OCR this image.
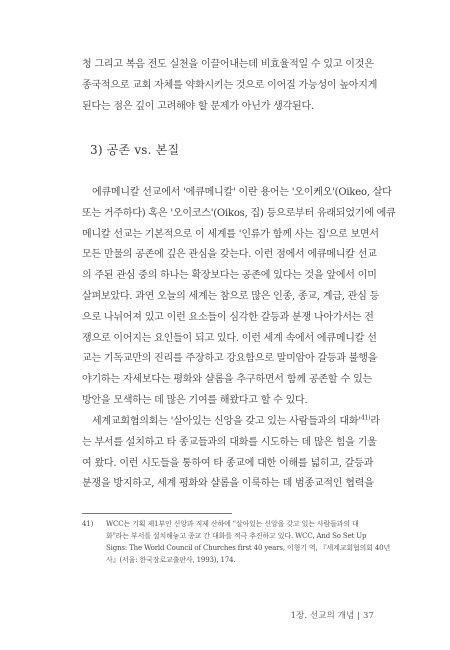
청 그리고 복음 전도 실천을 이끌어내는데 비효율적일 수 있고 이것은
종국적으로 교회 자체를 약화시키는 것으로 이어질 가능성이 높아지게
된다는 점은 깊이 고려해야 할 문제가 아닌가 생각된다.
3) 공존 vs. 본질
에큐메니칼 선교에서 '에큐메니칼' 이란 용어는 '오이케오'(Oikeo, 살다
또는 거주하다) 혹은 '오이코스'(Oikos, 집) 등으로부터 유래되었기에 에큐
메니칼 선교는 기본적으로 이 세계를 '인류가 함께 사는 집'으로 보면서
모든 만물의 공존에 깊은 관심을 갖는다. 이런 점에서 에큐메니칼 선교
의 주된 관심 중의 하나는 확장보다는 공존에 있다는 것을 앞에서 이미
살펴보았다. 과연 오늘의 세계는 참으로 많은 인종, 종교, 계급, 관심 등
으로 나뉘어져 있고 이런 요소들이 심각한 갈등과 분쟁 나아가서는 전
쟁으로 이어지는 요인들이 되고 있다. 이런 세계 속에서 에큐메니칼 선
교는 기독교만의 진리를 주장하고 강요함으로 말미암아 갈등과 불행을
야기하는 자세보다는 평화와 샬롬을 추구하면서 함께 공존할 수 있는
방안을 모색하는 데 많은 기여를 해왔다고 할 수 있다.
세계교회협의회는 '살아있는 신앙을 갖고 있는 사람들과의 대화'$^{41)}$라
는 부서를 설치하고 타 종교들과의 대화를 시도하는 데 많은 힘을 기울
여 왔다. 이런 시도들을 통하여 타 종교에 대한 이해를 넓히고, 갈등과
분쟁을 방지하고, 세계 평화와 샬롬을 이룩하는 데 범종교적인 협력을
41) WCC는 기획 제1부인 신앙과 직제 산하에 "살아있는 신앙을 갖고 있는 사람들과의 대
화"라는 부서를 설치해놓고 종교 간 대화를 적극 추진하고 있다. WCC, And So Set Up
Signs: The World Council of Churches first 40 years, 이형기 역, 『세계교회협의회 40년
사』(서울: 한국장로교출판사, 1993), 174.
1장. 선교의 개념 | 37
